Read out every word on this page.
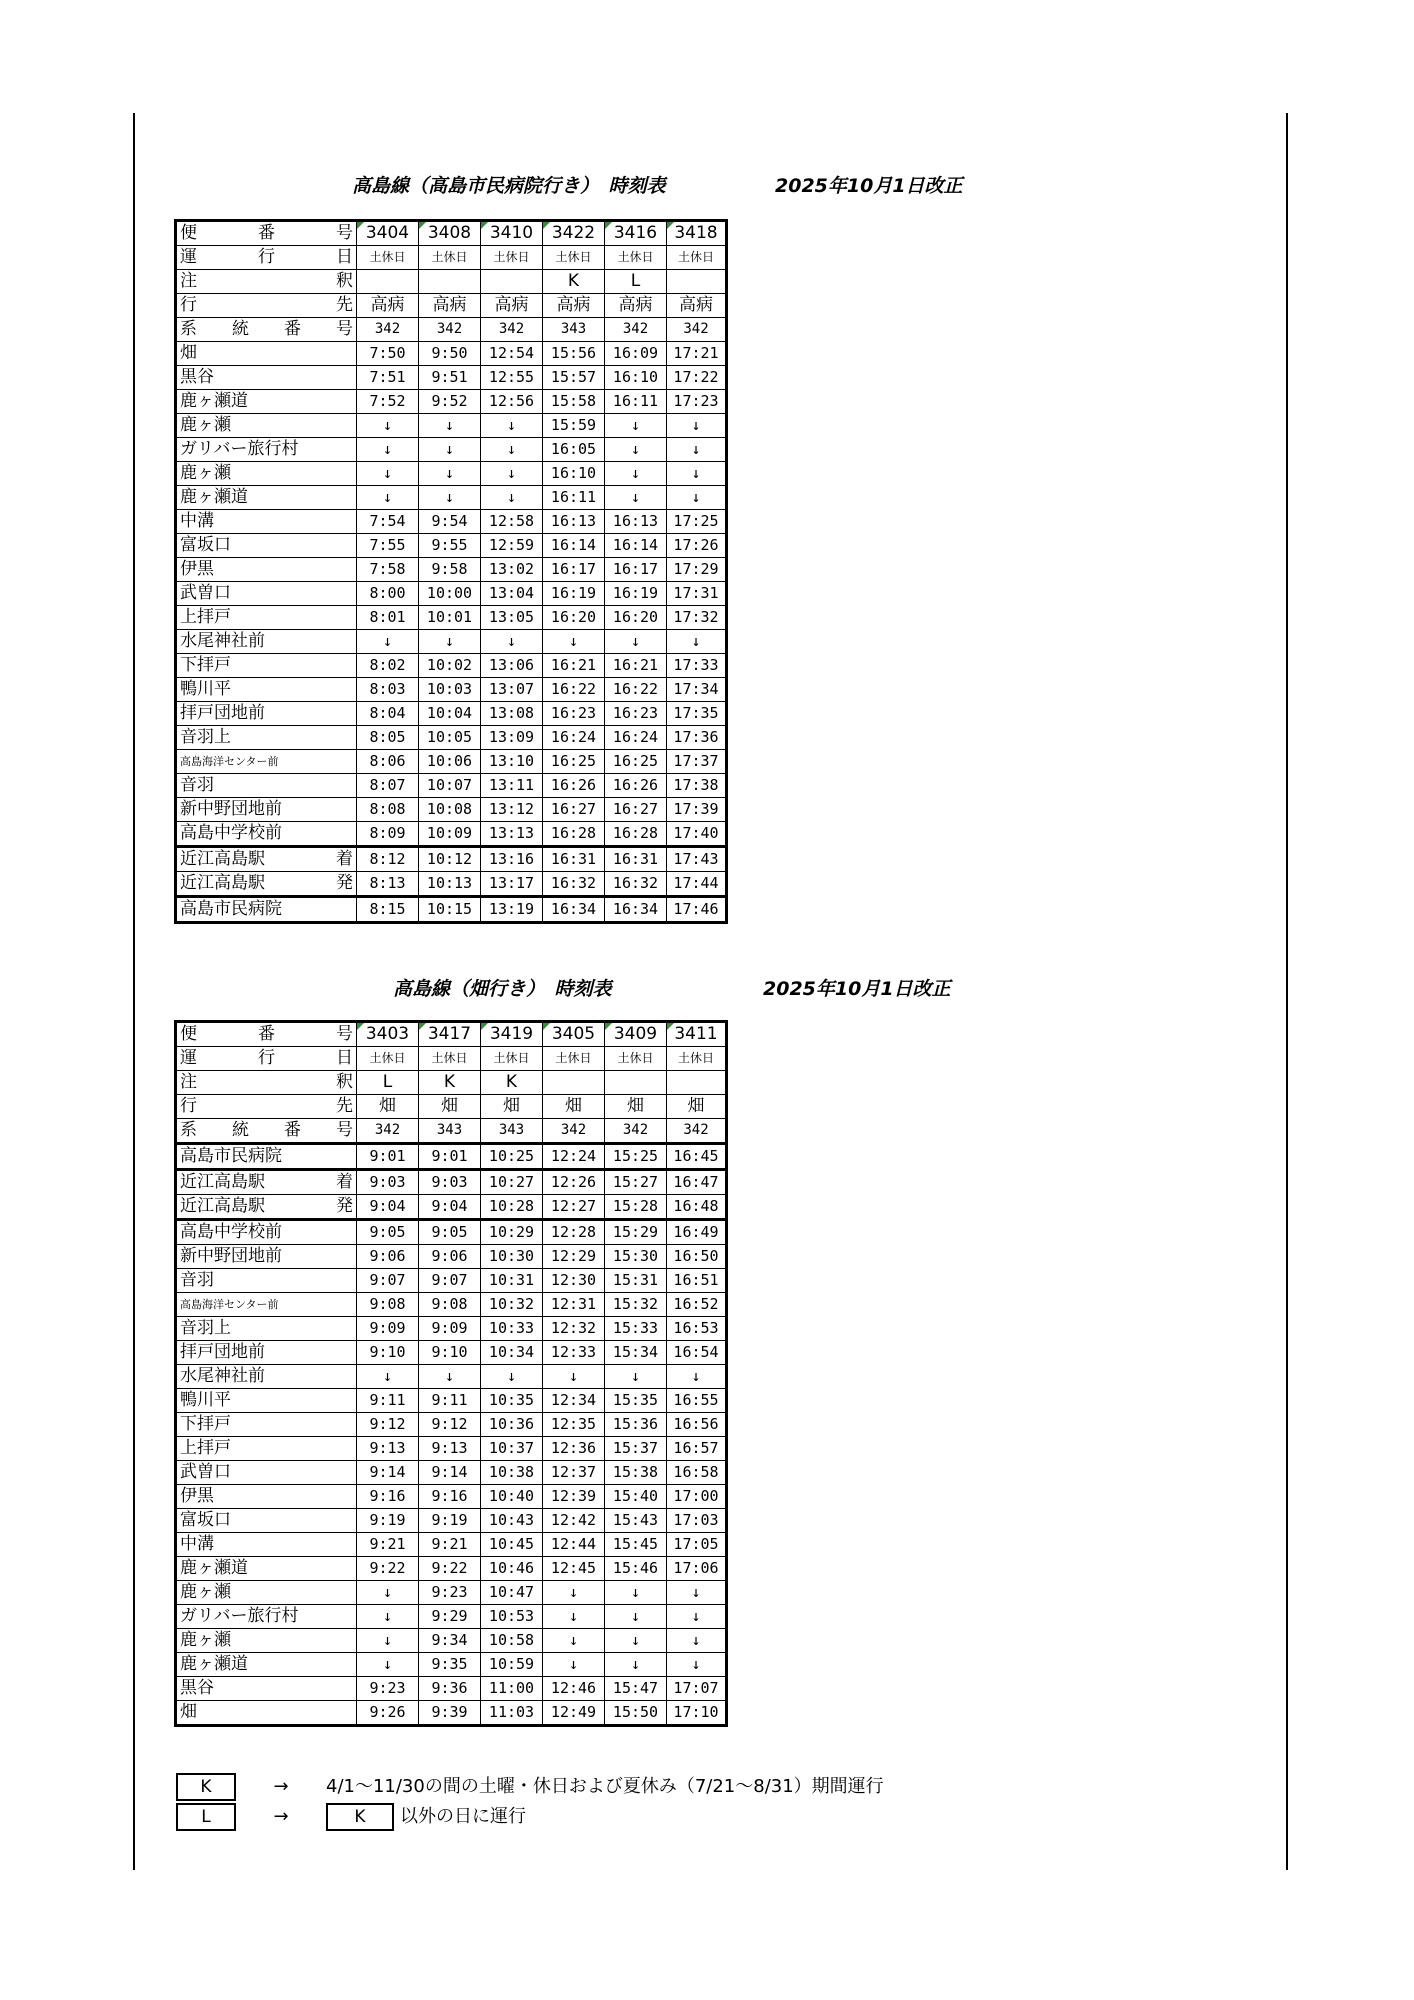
高島線（高島市民病院行き）　時刻表	2025年10月1日改正
便 番 号	3404	3408	3410	3422	3416	3418

運 行 日	土休日	土休日	土休日	土休日	土休日	土休日

注 釈				K	L	

行 先	高病	高病	高病	高病	高病	高病

系 統 番 号	342	342	342	343	342	342
畑	7:50	9:50	12:54	15:56	16:09	17:21
黒谷	7:51	9:51	12:55	15:57	16:10	17:22
鹿ヶ瀬道	7:52	9:52	12:56	15:58	16:11	17:23
鹿ヶ瀬	↓	↓	↓	15:59	↓	↓
ガリバー旅行村	↓	↓	↓	16:05	↓	↓
鹿ヶ瀬	↓	↓	↓	16:10	↓	↓
鹿ヶ瀬道	↓	↓	↓	16:11	↓	↓
中溝	7:54	9:54	12:58	16:13	16:13	17:25
富坂口	7:55	9:55	12:59	16:14	16:14	17:26
伊黒	7:58	9:58	13:02	16:17	16:17	17:29
武曽口	8:00	10:00	13:04	16:19	16:19	17:31
上拝戸	8:01	10:01	13:05	16:20	16:20	17:32
水尾神社前	↓	↓	↓	↓	↓	↓
下拝戸	8:02	10:02	13:06	16:21	16:21	17:33
鴨川平	8:03	10:03	13:07	16:22	16:22	17:34
拝戸団地前	8:04	10:04	13:08	16:23	16:23	17:35
音羽上	8:05	10:05	13:09	16:24	16:24	17:36
高島海洋センター前	8:06	10:06	13:10	16:25	16:25	17:37
音羽	8:07	10:07	13:11	16:26	16:26	17:38
新中野団地前	8:08	10:08	13:12	16:27	16:27	17:39
高島中学校前	8:09	10:09	13:13	16:28	16:28	17:40

近江高島駅 着	8:12	10:12	13:16	16:31	16:31	17:43

近江高島駅 発	8:13	10:13	13:17	16:32	16:32	17:44
高島市民病院	8:15	10:15	13:19	16:34	16:34	17:46
高島線（畑行き）　時刻表	2025年10月1日改正
便 番 号	3403	3417	3419	3405	3409	3411

運 行 日	土休日	土休日	土休日	土休日	土休日	土休日

注 釈	L	K	K			

行 先	畑	畑	畑	畑	畑	畑

系 統 番 号	342	343	343	342	342	342
高島市民病院	9:01	9:01	10:25	12:24	15:25	16:45

近江高島駅 着	9:03	9:03	10:27	12:26	15:27	16:47

近江高島駅 発	9:04	9:04	10:28	12:27	15:28	16:48
高島中学校前	9:05	9:05	10:29	12:28	15:29	16:49
新中野団地前	9:06	9:06	10:30	12:29	15:30	16:50
音羽	9:07	9:07	10:31	12:30	15:31	16:51
高島海洋センター前	9:08	9:08	10:32	12:31	15:32	16:52
音羽上	9:09	9:09	10:33	12:32	15:33	16:53
拝戸団地前	9:10	9:10	10:34	12:33	15:34	16:54
水尾神社前	↓	↓	↓	↓	↓	↓
鴨川平	9:11	9:11	10:35	12:34	15:35	16:55
下拝戸	9:12	9:12	10:36	12:35	15:36	16:56
上拝戸	9:13	9:13	10:37	12:36	15:37	16:57
武曽口	9:14	9:14	10:38	12:37	15:38	16:58
伊黒	9:16	9:16	10:40	12:39	15:40	17:00
富坂口	9:19	9:19	10:43	12:42	15:43	17:03
中溝	9:21	9:21	10:45	12:44	15:45	17:05
鹿ヶ瀬道	9:22	9:22	10:46	12:45	15:46	17:06
鹿ヶ瀬	↓	9:23	10:47	↓	↓	↓
ガリバー旅行村	↓	9:29	10:53	↓	↓	↓
鹿ヶ瀬	↓	9:34	10:58	↓	↓	↓
鹿ヶ瀬道	↓	9:35	10:59	↓	↓	↓
黒谷	9:23	9:36	11:00	12:46	15:47	17:07
畑	9:26	9:39	11:03	12:49	15:50	17:10
K	→ 4/1～11/30の間の土曜・休日および夏休み（7/21～8/31）期間運行
L	→	K 以外の日に運行
